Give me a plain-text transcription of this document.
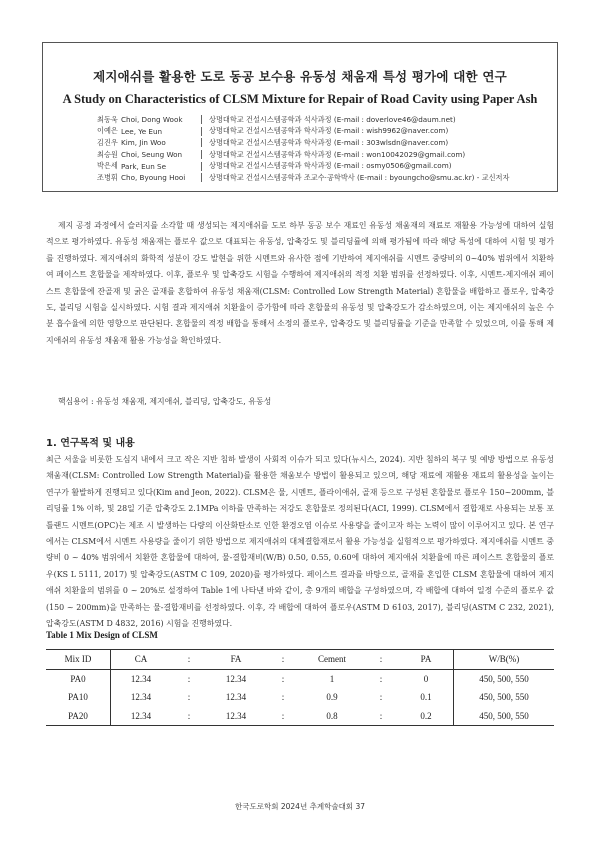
제지애쉬를 활용한 도로 동공 보수용 유동성 채움재 특성 평가에 대한 연구
A Study on Characteristics of CLSM Mixture for Repair of Road Cavity using Paper Ash
최동욱 Choi, Dong Wook	상명대학교 건설시스템공학과 석사과정 (E-mail : doverlove46@daum.net)
이예은 Lee, Ye Eun	상명대학교 건설시스템공학과 학사과정 (E-mail : wish9962@naver.com)
김진우 Kim, Jin Woo	상명대학교 건설시스템공학과 학사과정 (E-mail : 303wlsdn@naver.com)
최승원 Choi, Seung Won	상명대학교 건설시스템공학과 학사과정 (E-mail : won10042029@gmail.com)
박은세 Park, Eun Se	상명대학교 건설시스템공학과 학사과정 (E-mail : osmy0506@gmail.com)
조병휘 Cho, Byoung Hooi	상명대학교 건설시스템공학과 조교수·공학박사 (E-mail : byoungcho@smu.ac.kr) - 교신저자

제지 공정 과정에서 슬러지를 소각할 때 생성되는 제지애쉬를 도로 하부 동공 보수 재료인 유동성 채움재의 재료로 재활용 가능성에 대하여 실험적으로 평가하였다. 유동성 채움재는 플로우 값으로 대표되는 유동성, 압축강도 및 블리딩률에 의해 평가됨에 따라 해당 특성에 대하여 시험 및 평가를 진행하였다. 제지애쉬의 화학적 성분이 강도 발현을 위한 시멘트와 유사한 점에 기반하여 제지애쉬를 시멘트 중량비의 0~40% 범위에서 치환하여 페이스트 혼합물을 제작하였다. 이후, 플로우 및 압축강도 시험을 수행하여 제지애쉬의 적정 치환 범위를 선정하였다. 이후, 시멘트-제지애쉬 페이스트 혼합물에 잔골재 및 굵은 골재를 혼합하여 유동성 채움재(CLSM: Controlled Low Strength Material) 혼합물을 배합하고 플로우, 압축강도, 블리딩 시험을 실시하였다. 시험 결과 제지애쉬 치환율이 증가함에 따라 혼합물의 유동성 및 압축강도가 감소하였으며, 이는 제지애쉬의 높은 수분 흡수율에 의한 영향으로 판단된다. 혼합물의 적정 배합을 통해서 소정의 플로우, 압축강도 및 블리딩률을 기준을 만족할 수 있었으며, 이를 통해 제지애쉬의 유동성 채움재 활용 가능성을 확인하였다.

핵심용어 : 유동성 채움재, 제지애쉬, 블리딩, 압축강도, 유동성
1. 연구목적 및 내용

최근 서울을 비롯한 도심지 내에서 크고 작은 지반 침하 발생이 사회적 이슈가 되고 있다(뉴시스, 2024). 지반 침하의 복구 및 예방 방법으로 유동성 채움재(CLSM: Controlled Low Strength Material)를 활용한 채움보수 방법이 활용되고 있으며, 해당 재료에 재활용 재료의 활용성을 높이는 연구가 활발하게 진행되고 있다(Kim and Jeon, 2022). CLSM은 물, 시멘트, 플라이애쉬, 골재 등으로 구성된 혼합물로 플로우 150~200mm, 블리딩률 1% 이하, 및 28일 기준 압축강도 2.1MPa 이하를 만족하는 저강도 혼합물로 정의된다(ACI, 1999). CLSM에서 결합재로 사용되는 보통 포틀랜드 시멘트(OPC)는 제조 시 발생하는 다량의 이산화탄소로 인한 환경오염 이슈로 사용량을 줄이고자 하는 노력이 많이 이루어지고 있다. 본 연구에서는 CLSM에서 시멘트 사용량을 줄이기 위한 방법으로 제지애쉬의 대체결합재로서 활용 가능성을 실험적으로 평가하였다. 제지애쉬를 시멘트 중량비 0 ~ 40% 범위에서 치환한 혼합물에 대하여, 물-결합재비(W/B) 0.50, 0.55, 0.60에 대하여 제지애쉬 치환율에 따른 페이스트 혼합물의 플로우(KS L 5111, 2017) 및 압축강도(ASTM C 109, 2020)를 평가하였다. 페이스트 결과를 바탕으로, 골재를 혼입한 CLSM 혼합물에 대하여 제지애쉬 치환율의 범위를 0 ~ 20%로 설정하여 Table 1에 나타낸 바와 같이, 총 9개의 배합을 구성하였으며, 각 배합에 대하여 일정 수준의 플로우 값(150 ~ 200mm)을 만족하는 물-결합재비를 선정하였다. 이후, 각 배합에 대하여 플로우(ASTM D 6103, 2017), 블리딩(ASTM C 232, 2021), 압축강도(ASTM D 4832, 2016) 시험을 진행하였다.

Table 1 Mix Design of CLSM
Mix ID	CA	:	FA	:	Cement	:	PA	W/B(%)
PA0	12.34	:	12.34	:	1	:	0	450, 500, 550
PA10	12.34	:	12.34	:	0.9	:	0.1	450, 500, 550
PA20	12.34	:	12.34	:	0.8	:	0.2	450, 500, 550
한국도로학회 2024년 추계학술대회 37
